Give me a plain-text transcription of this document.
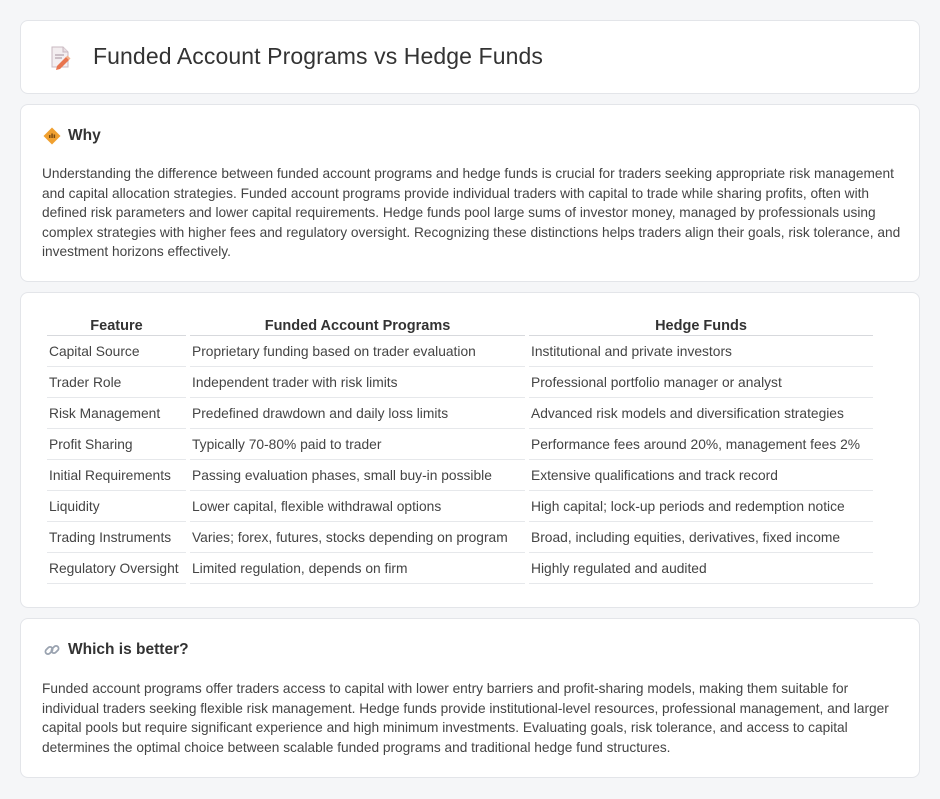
Funded Account Programs vs Hedge Funds
Why

Understanding the difference between funded account programs and hedge funds is crucial for traders seeking appropriate risk management and capital allocation strategies. Funded account programs provide individual traders with capital to trade while sharing profits, often with defined risk parameters and lower capital requirements. Hedge funds pool large sums of investor money, managed by professionals using complex strategies with higher fees and regulatory oversight. Recognizing these distinctions helps traders align their goals, risk tolerance, and investment horizons effectively.

Feature	Funded Account Programs	Hedge Funds
Capital Source	Proprietary funding based on trader evaluation	Institutional and private investors
Trader Role	Independent trader with risk limits	Professional portfolio manager or analyst
Risk Management	Predefined drawdown and daily loss limits	Advanced risk models and diversification strategies
Profit Sharing	Typically 70-80% paid to trader	Performance fees around 20%, management fees 2%
Initial Requirements	Passing evaluation phases, small buy-in possible	Extensive qualifications and track record
Liquidity	Lower capital, flexible withdrawal options	High capital; lock-up periods and redemption notice
Trading Instruments	Varies; forex, futures, stocks depending on program	Broad, including equities, derivatives, fixed income
Regulatory Oversight	Limited regulation, depends on firm	Highly regulated and audited
Which is better?

Funded account programs offer traders access to capital with lower entry barriers and profit-sharing models, making them suitable for individual traders seeking flexible risk management. Hedge funds provide institutional-level resources, professional management, and larger capital pools but require significant experience and high minimum investments. Evaluating goals, risk tolerance, and access to capital determines the optimal choice between scalable funded programs and traditional hedge fund structures.
